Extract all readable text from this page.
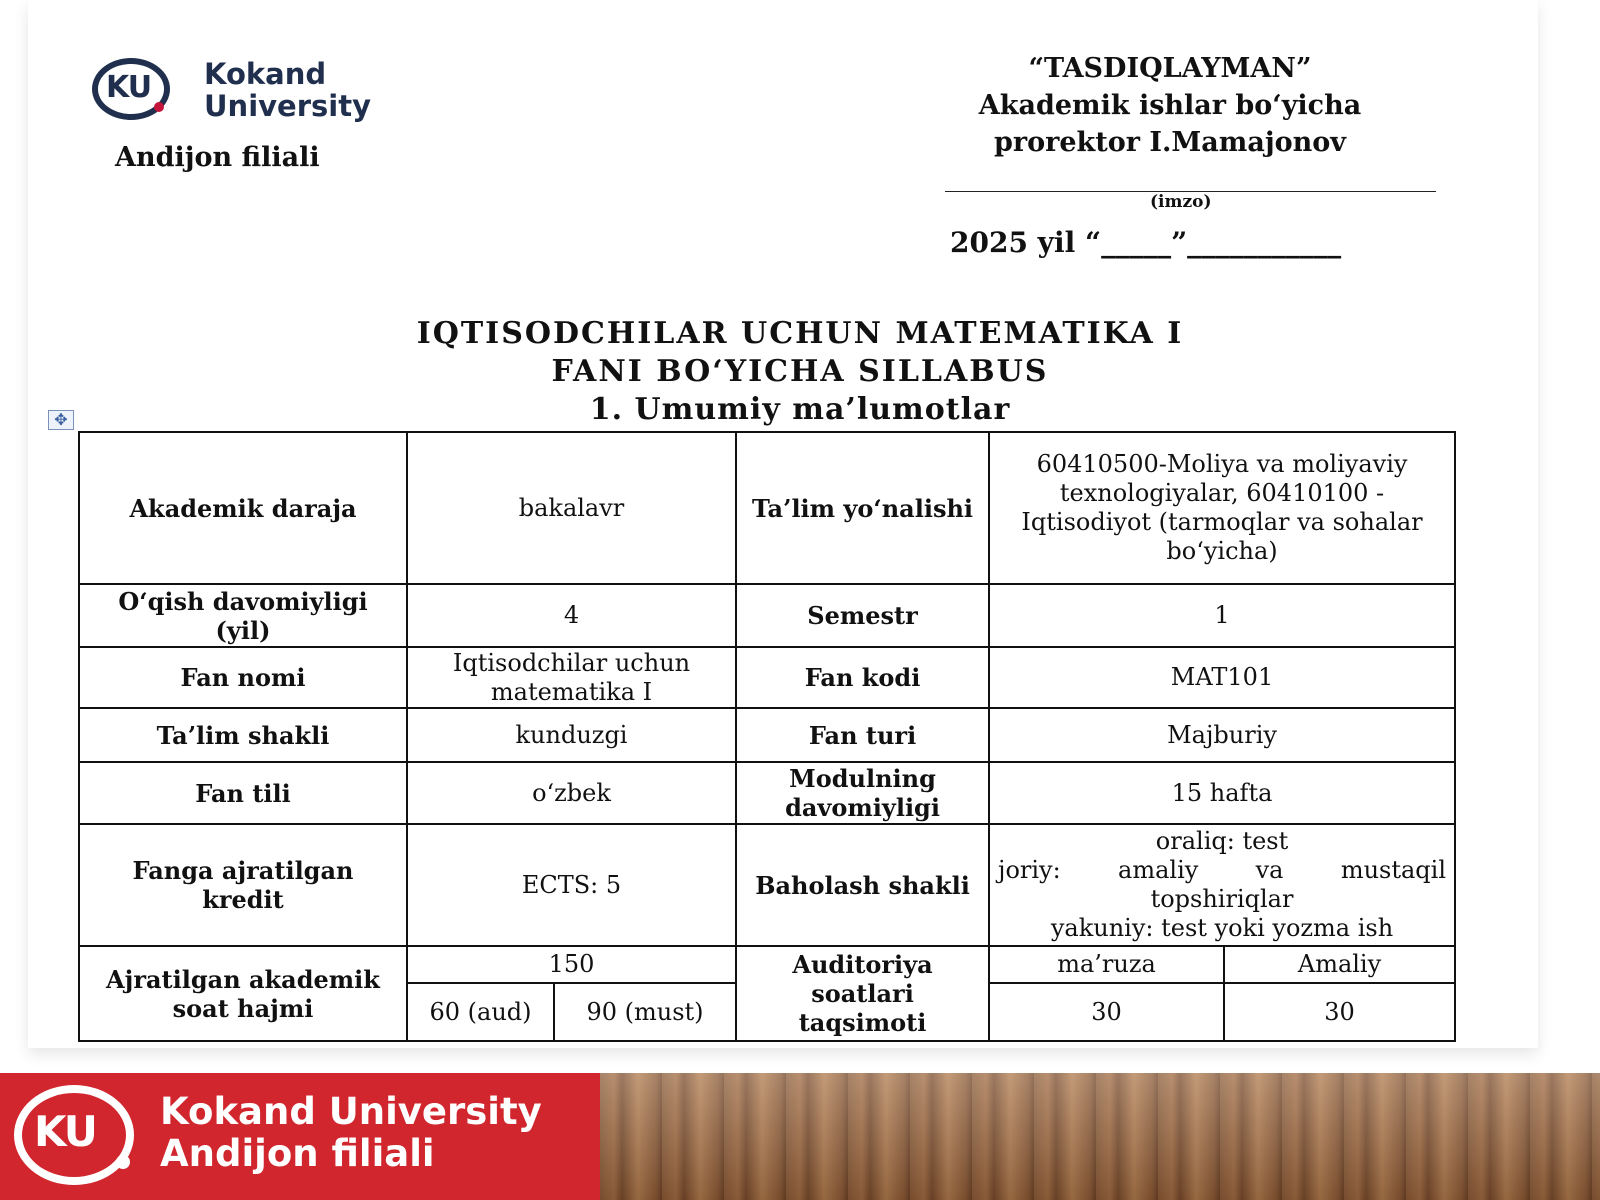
KU Kokand
University
Andijon filiali
“TASDIQLAYMAN”
Akademik ishlar bo‘yicha
prorektor I.Mamajonov
(imzo)
2025 yil “_____”___________
IQTISODCHILAR UCHUN MATEMATIKA I
FANI BO‘YICHA SILLABUS
1. Umumiy ma’lumotlar
✥
Akademik daraja	bakalavr		Ta’lim yo‘nalishi	60410500-Moliya va moliyaviy texnologiyalar, 60410100 - Iqtisodiyot (tarmoqlar va sohalar bo‘yicha)	
O‘qish davomiyligi (yil)	4		Semestr	1	
Fan nomi	Iqtisodchilar uchun matematika I		Fan kodi	MAT101	
Ta’lim shakli	kunduzgi		Fan turi	Majburiy	
Fan tili	o‘zbek		Modulning davomiyligi	15 hafta	
Fanga ajratilgan kredit	ECTS: 5		Baholash shakli	oraliq: test
joriy: amaliy va mustaqil
topshiriqlar
yakuniy: test yoki yozma ish	

Ajratilgan akademik soat hajmi	150		Auditoriya soatlari taqsimoti	ma’ruza	Amaliy
	60 (aud)	90 (must)		30	30
KU Kokand University
Andijon filiali
